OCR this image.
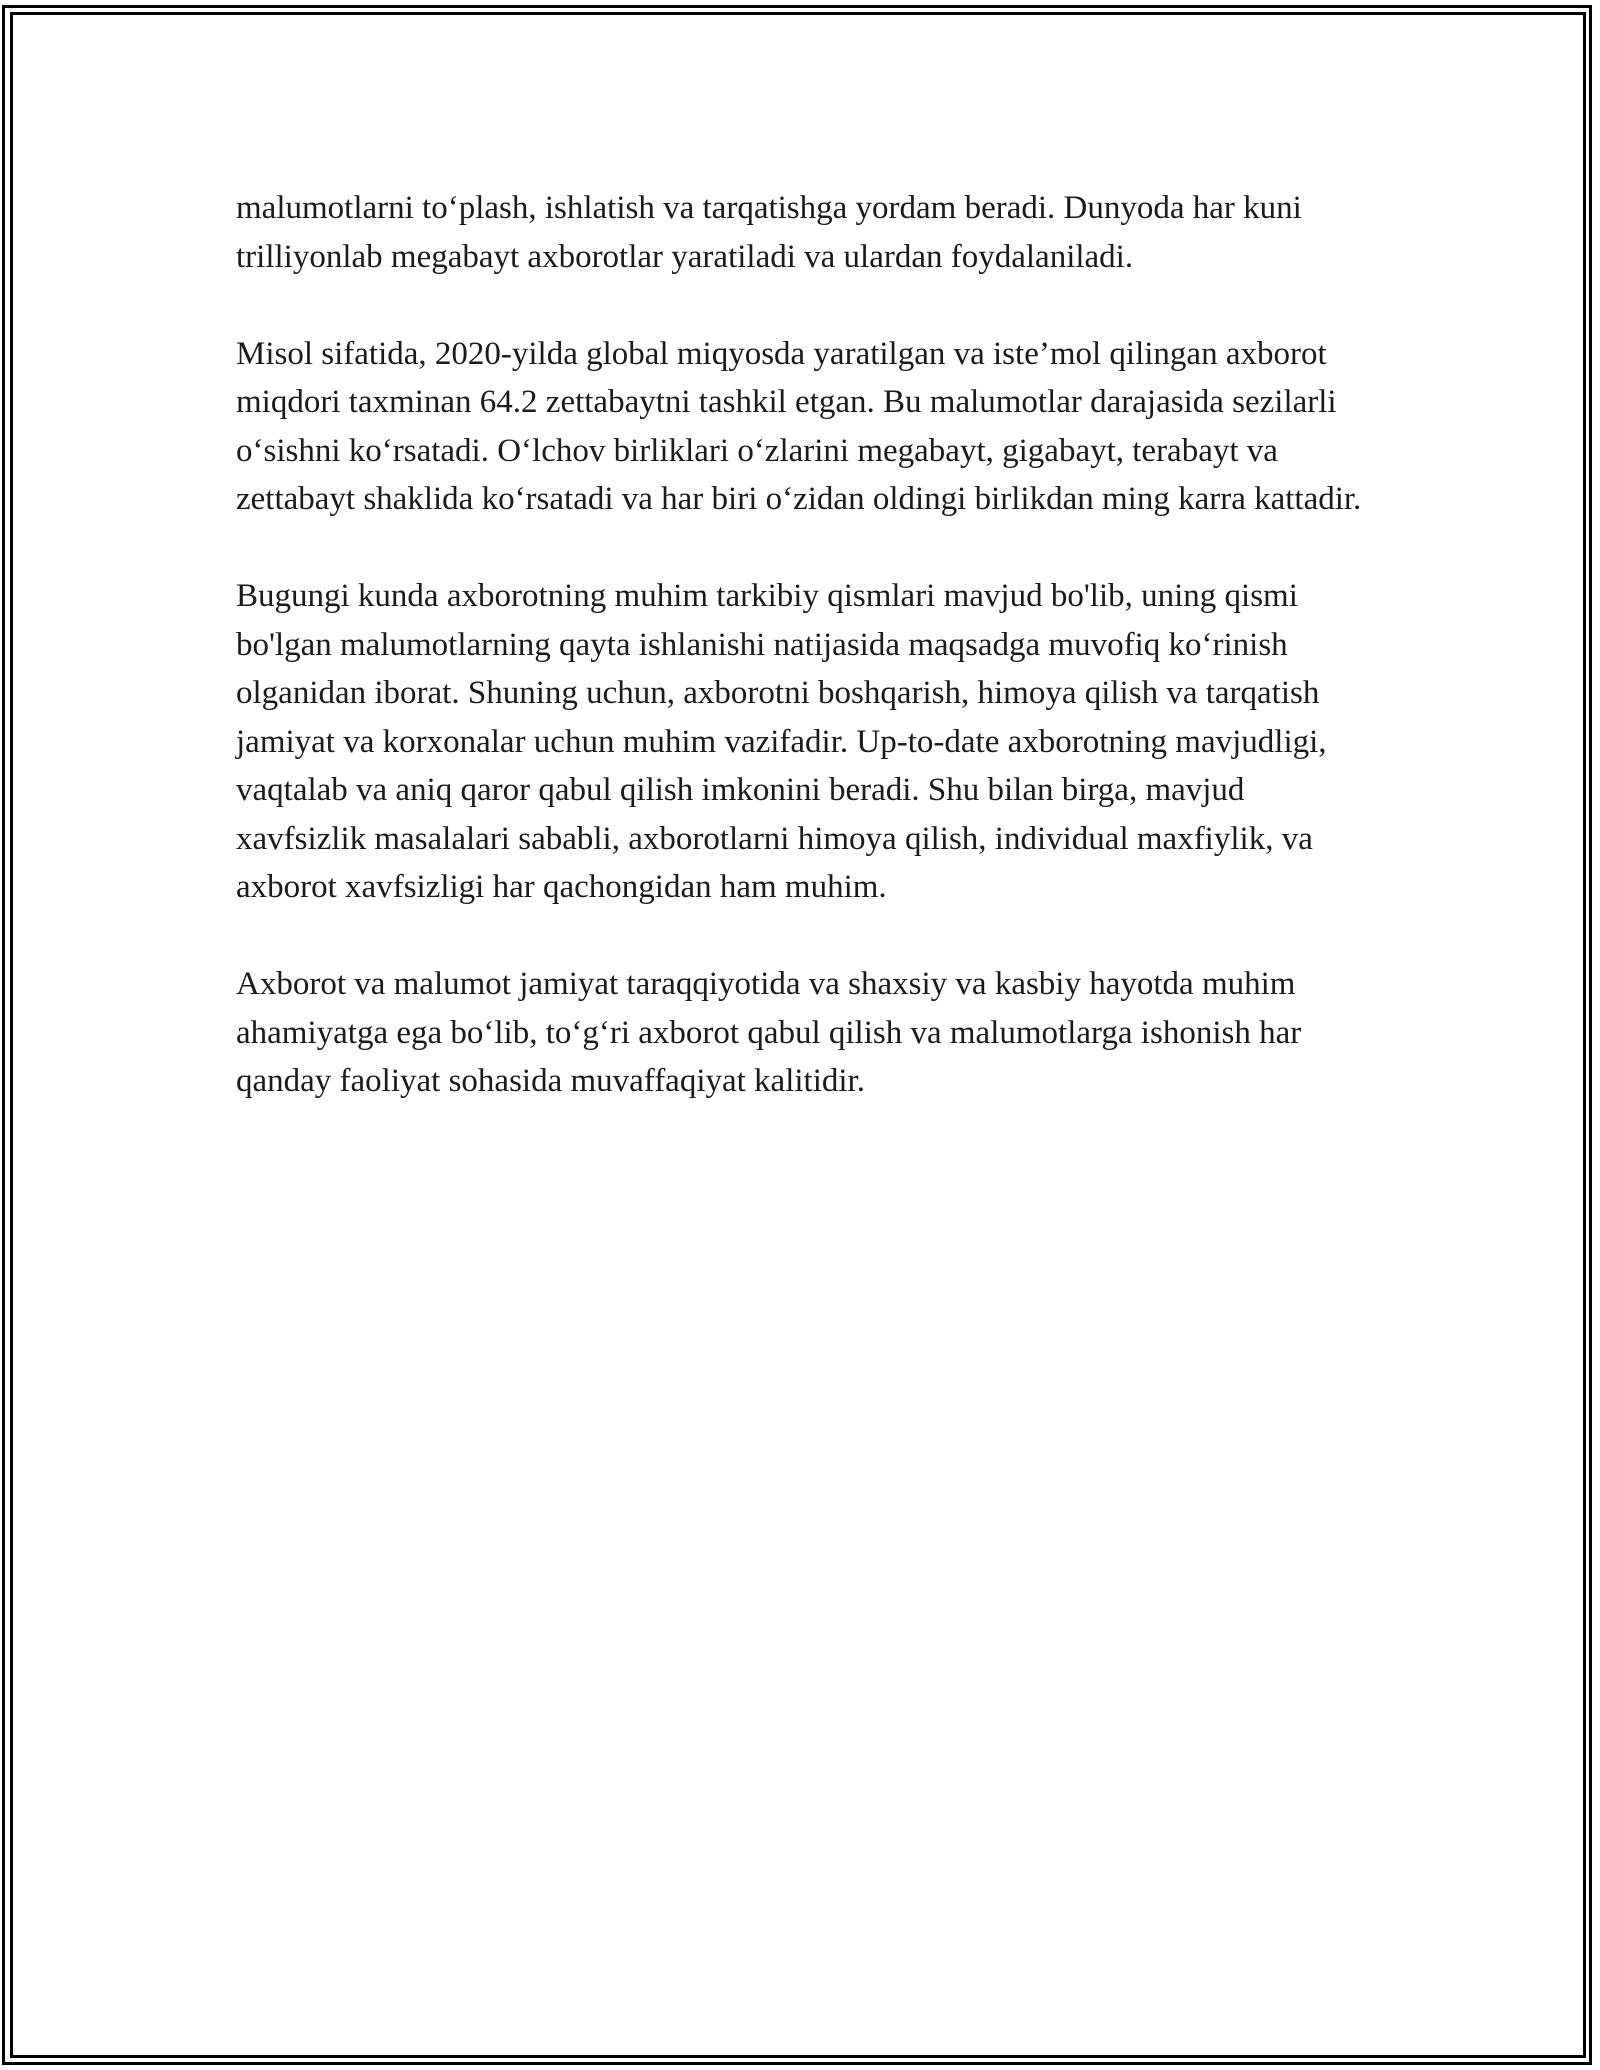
malumotlarni to‘plash, ishlatish va tarqatishga yordam beradi. Dunyoda har kuni trilliyonlab megabayt axborotlar yaratiladi va ulardan foydalaniladi.

Misol sifatida, 2020-yilda global miqyosda yaratilgan va iste’mol qilingan axborot miqdori taxminan 64.2 zettabaytni tashkil etgan. Bu malumotlar darajasida sezilarli o‘sishni ko‘rsatadi. O‘lchov birliklari o‘zlarini megabayt, gigabayt, terabayt va zettabayt shaklida ko‘rsatadi va har biri o‘zidan oldingi birlikdan ming karra kattadir.

Bugungi kunda axborotning muhim tarkibiy qismlari mavjud bo'lib, uning qismi bo'lgan malumotlarning qayta ishlanishi natijasida maqsadga muvofiq ko‘rinish olganidan iborat. Shuning uchun, axborotni boshqarish, himoya qilish va tarqatish jamiyat va korxonalar uchun muhim vazifadir. Up-to-date axborotning mavjudligi, vaqtalab va aniq qaror qabul qilish imkonini beradi. Shu bilan birga, mavjud xavfsizlik masalalari sababli, axborotlarni himoya qilish, individual maxfiylik, va axborot xavfsizligi har qachongidan ham muhim.

Axborot va malumot jamiyat taraqqiyotida va shaxsiy va kasbiy hayotda muhim ahamiyatga ega bo‘lib, to‘g‘ri axborot qabul qilish va malumotlarga ishonish har qanday faoliyat sohasida muvaffaqiyat kalitidir.
